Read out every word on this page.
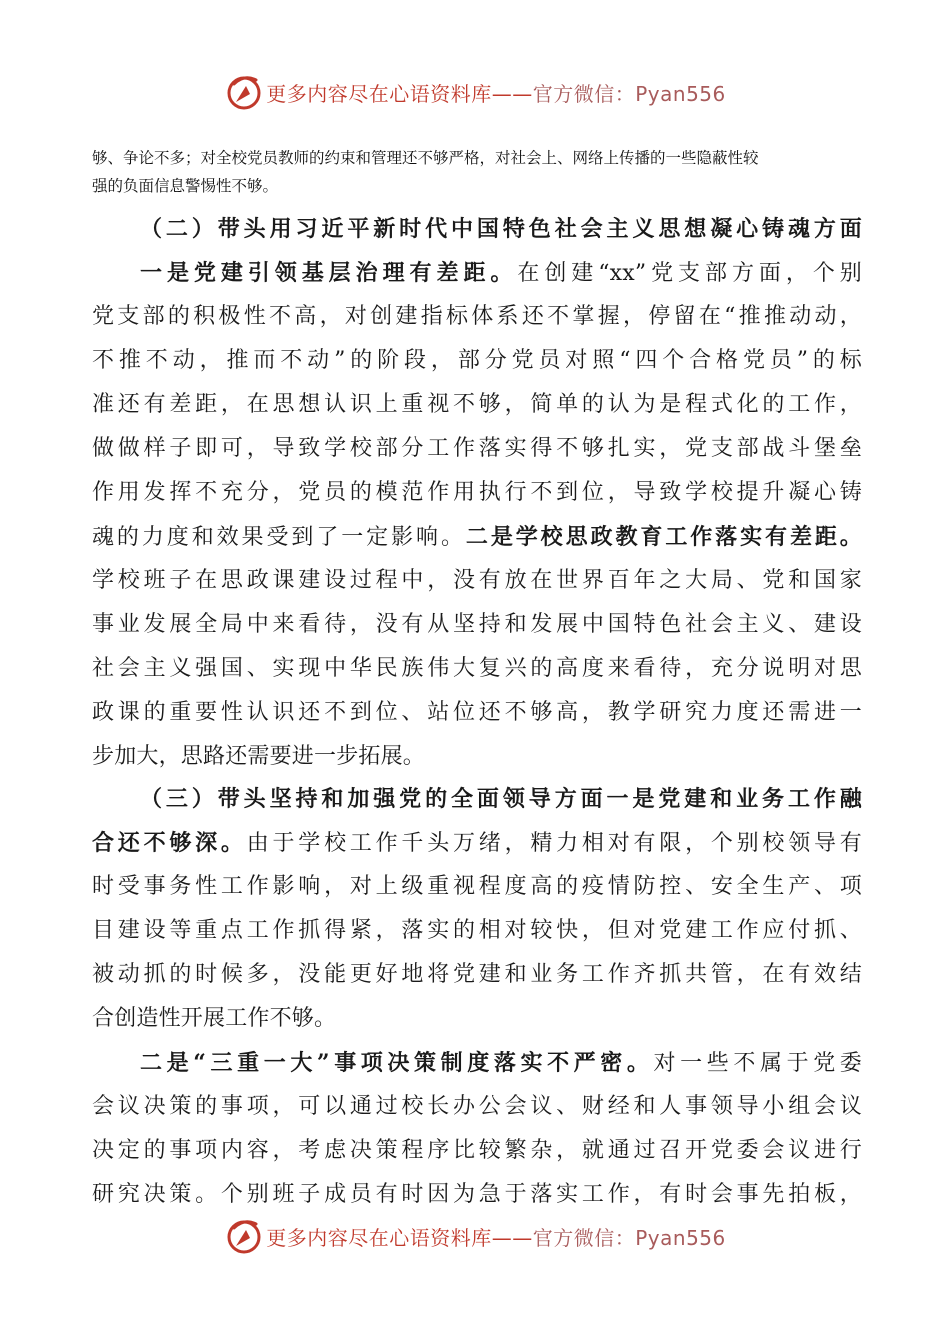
更多内容尽在心语资料库——官方微信：Pyan556
够、争论不多；对全校党员教师的约束和管理还不够严格，对社会上、网络上传播的一些隐蔽性较
强的负面信息警惕性不够。
（二）带头用习近平新时代中国特色社会主义思想凝心铸魂方面
一是党建引领基层治理有差距。在创建“xx”党支部方面，个别
党支部的积极性不高，对创建指标体系还不掌握，停留在“推推动动，
不推不动，推而不动”的阶段，部分党员对照“四个合格党员”的标
准还有差距，在思想认识上重视不够，简单的认为是程式化的工作，
做做样子即可，导致学校部分工作落实得不够扎实，党支部战斗堡垒
作用发挥不充分，党员的模范作用执行不到位，导致学校提升凝心铸
魂的力度和效果受到了一定影响。二是学校思政教育工作落实有差距。
学校班子在思政课建设过程中，没有放在世界百年之大局、党和国家
事业发展全局中来看待，没有从坚持和发展中国特色社会主义、建设
社会主义强国、实现中华民族伟大复兴的高度来看待，充分说明对思
政课的重要性认识还不到位、站位还不够高，教学研究力度还需进一
步加大，思路还需要进一步拓展。
（三）带头坚持和加强党的全面领导方面一是党建和业务工作融
合还不够深。由于学校工作千头万绪，精力相对有限，个别校领导有
时受事务性工作影响，对上级重视程度高的疫情防控、安全生产、项
目建设等重点工作抓得紧，落实的相对较快，但对党建工作应付抓、
被动抓的时候多，没能更好地将党建和业务工作齐抓共管，在有效结
合创造性开展工作不够。
二是“三重一大”事项决策制度落实不严密。对一些不属于党委
会议决策的事项，可以通过校长办公会议、财经和人事领导小组会议
决定的事项内容，考虑决策程序比较繁杂，就通过召开党委会议进行
研究决策。个别班子成员有时因为急于落实工作，有时会事先拍板，
更多内容尽在心语资料库——官方微信：Pyan556
